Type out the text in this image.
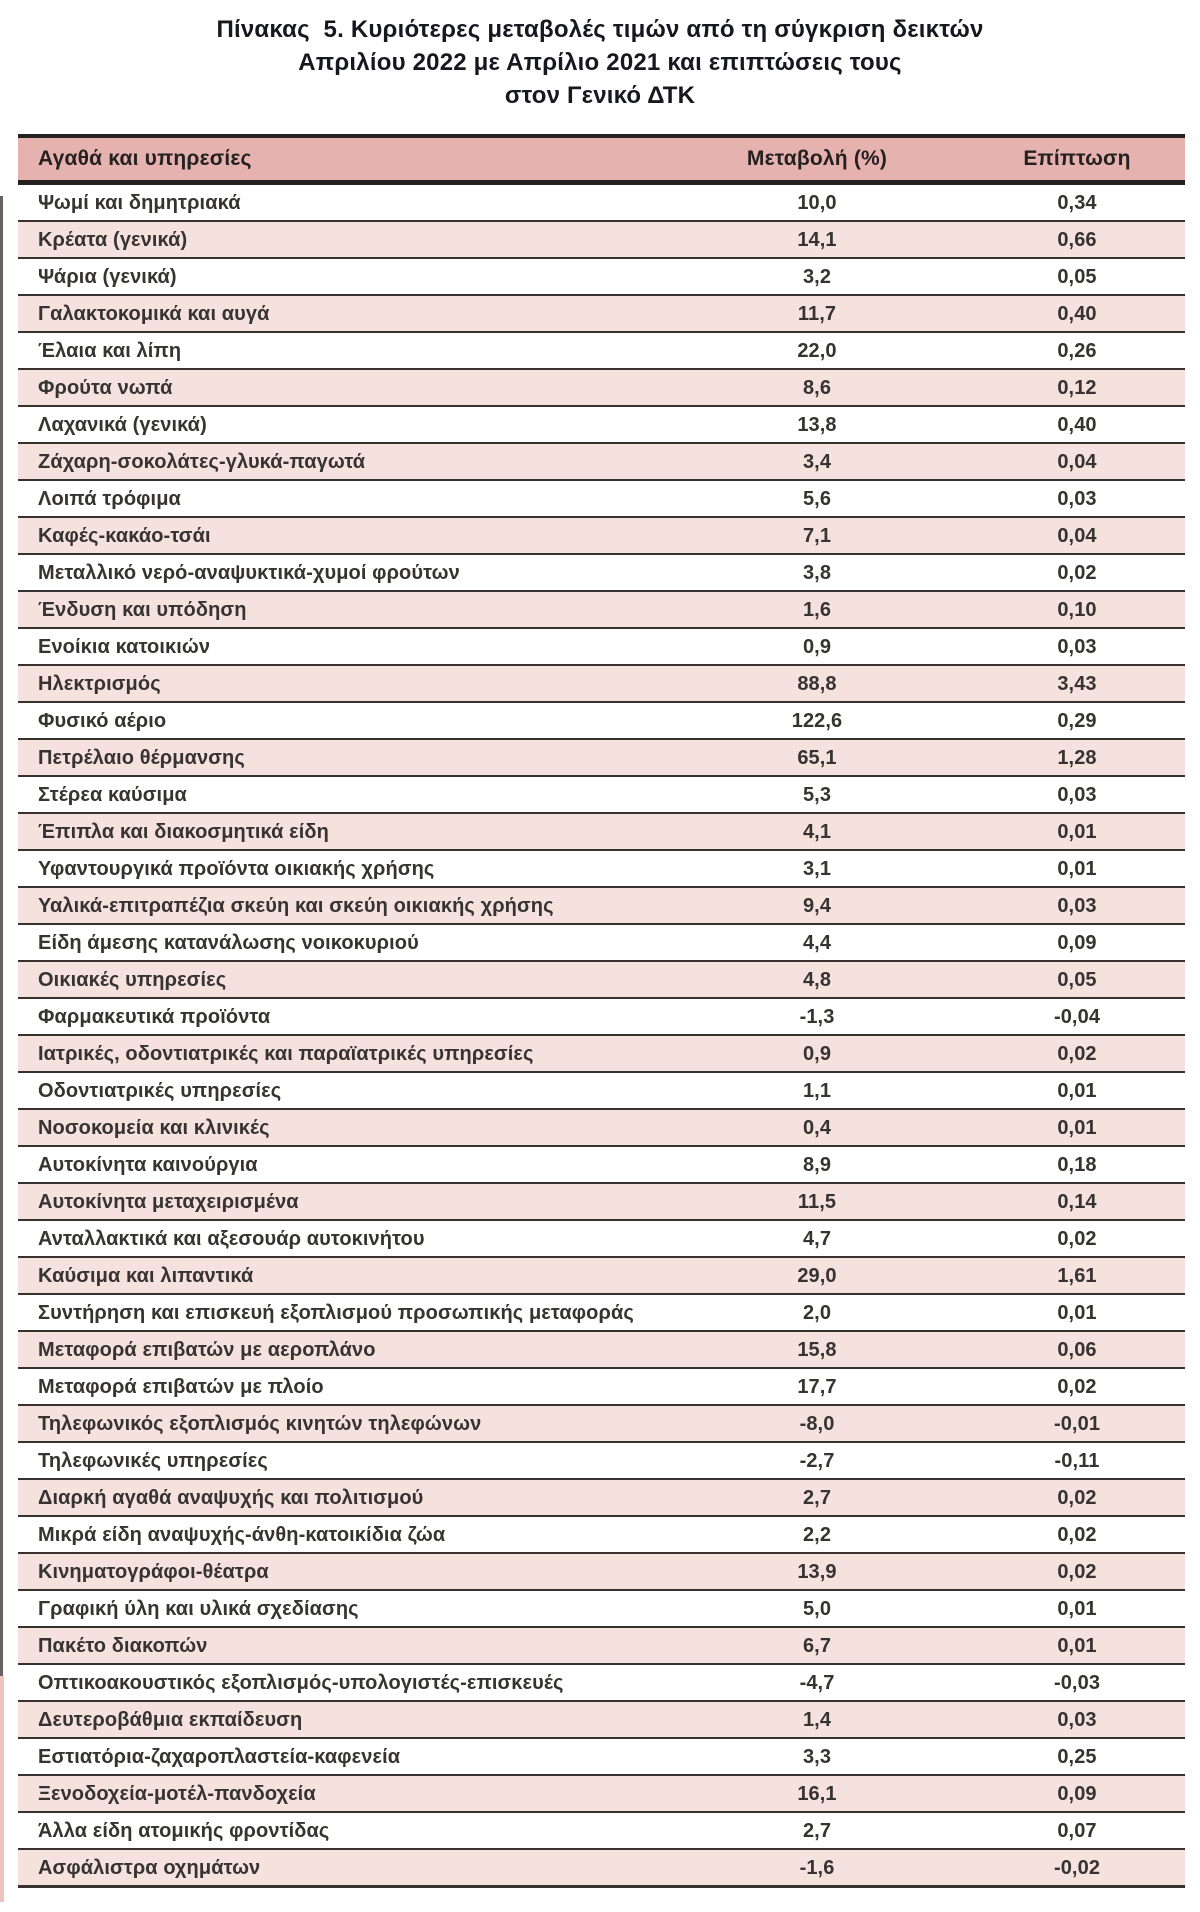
Πίνακας  5. Κυριότερες μεταβολές τιμών από τη σύγκριση δεικτών
Απριλίου 2022 με Απρίλιο 2021 και επιπτώσεις τους
στον Γενικό ΔΤΚ
Αγαθά και υπηρεσίες	Μεταβολή (%)	Επίπτωση
Ψωμί και δημητριακά	10,0	0,34
Κρέατα (γενικά)	14,1	0,66
Ψάρια (γενικά)	3,2	0,05
Γαλακτοκομικά και αυγά	11,7	0,40
Έλαια και λίπη	22,0	0,26
Φρούτα νωπά	8,6	0,12
Λαχανικά (γενικά)	13,8	0,40
Ζάχαρη-σοκολάτες-γλυκά-παγωτά	3,4	0,04
Λοιπά τρόφιμα	5,6	0,03
Καφές-κακάο-τσάι	7,1	0,04
Μεταλλικό νερό-αναψυκτικά-χυμοί φρούτων	3,8	0,02
Ένδυση και υπόδηση	1,6	0,10
Ενοίκια κατοικιών	0,9	0,03
Ηλεκτρισμός	88,8	3,43
Φυσικό αέριο	122,6	0,29
Πετρέλαιο θέρμανσης	65,1	1,28
Στέρεα καύσιμα	5,3	0,03
Έπιπλα και διακοσμητικά είδη	4,1	0,01
Υφαντουργικά προϊόντα οικιακής χρήσης	3,1	0,01
Υαλικά-επιτραπέζια σκεύη και σκεύη οικιακής χρήσης	9,4	0,03
Είδη άμεσης κατανάλωσης νοικοκυριού	4,4	0,09
Οικιακές υπηρεσίες	4,8	0,05
Φαρμακευτικά προϊόντα	-1,3	-0,04
Ιατρικές, οδοντιατρικές και παραϊατρικές υπηρεσίες	0,9	0,02
Οδοντιατρικές υπηρεσίες	1,1	0,01
Νοσοκομεία και κλινικές	0,4	0,01
Αυτοκίνητα καινούργια	8,9	0,18
Αυτοκίνητα μεταχειρισμένα	11,5	0,14
Ανταλλακτικά και αξεσουάρ αυτοκινήτου	4,7	0,02
Καύσιμα και λιπαντικά	29,0	1,61
Συντήρηση και επισκευή εξοπλισμού προσωπικής μεταφοράς	2,0	0,01
Μεταφορά επιβατών με αεροπλάνο	15,8	0,06
Μεταφορά επιβατών με πλοίο	17,7	0,02
Τηλεφωνικός εξοπλισμός κινητών τηλεφώνων	-8,0	-0,01
Τηλεφωνικές υπηρεσίες	-2,7	-0,11
Διαρκή αγαθά αναψυχής και πολιτισμού	2,7	0,02
Μικρά είδη αναψυχής-άνθη-κατοικίδια ζώα	2,2	0,02
Κινηματογράφοι-θέατρα	13,9	0,02
Γραφική ύλη και υλικά σχεδίασης	5,0	0,01
Πακέτο διακοπών	6,7	0,01
Οπτικοακουστικός εξοπλισμός-υπολογιστές-επισκευές	-4,7	-0,03
Δευτεροβάθμια εκπαίδευση	1,4	0,03
Εστιατόρια-ζαχαροπλαστεία-καφενεία	3,3	0,25
Ξενοδοχεία-μοτέλ-πανδοχεία	16,1	0,09
Άλλα είδη ατομικής φροντίδας	2,7	0,07
Ασφάλιστρα οχημάτων	-1,6	-0,02
